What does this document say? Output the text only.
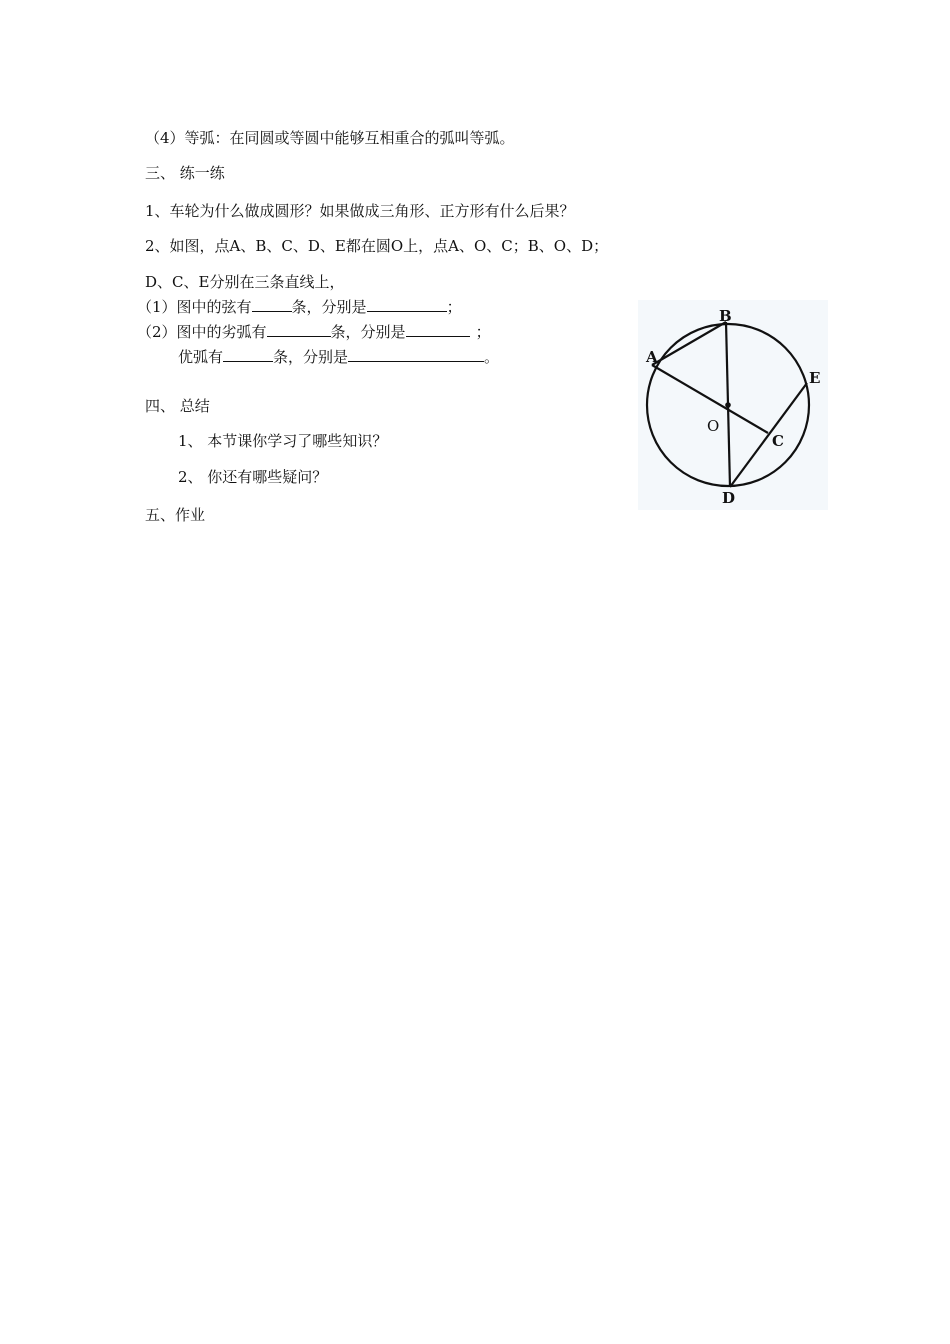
（4）等弧：在同圆或等圆中能够互相重合的弧叫等弧。
三、 练一练
1、车轮为什么做成圆形？如果做成三角形、正方形有什么后果？
2、如图，点A、B、C、D、E都在圆O上，点A、O、C；B、O、D；
D、C、E分别在三条直线上，
（1）图中的弦有	条，分别是	；
（2）图中的劣弧有	条，分别是	；
优弧有	条，分别是	。
四、 总结
1、 本节课你学习了哪些知识？
2、 你还有哪些疑问？
五、作业
B
A
E
O
C
D
